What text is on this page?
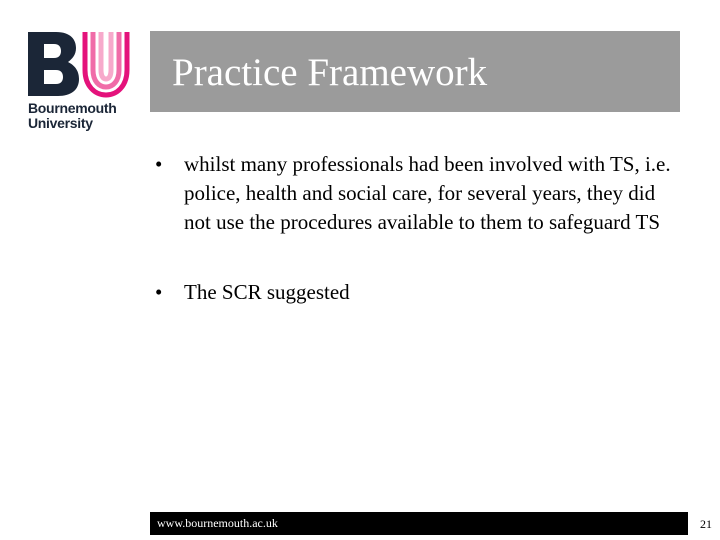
Bournemouth
University
Practice Framework
• whilst many professionals had been involved with TS, i.e. police, health and social care, for several years, they did not use the procedures available to them to safeguard TS
• The SCR suggested
www.bournemouth.ac.uk	21
